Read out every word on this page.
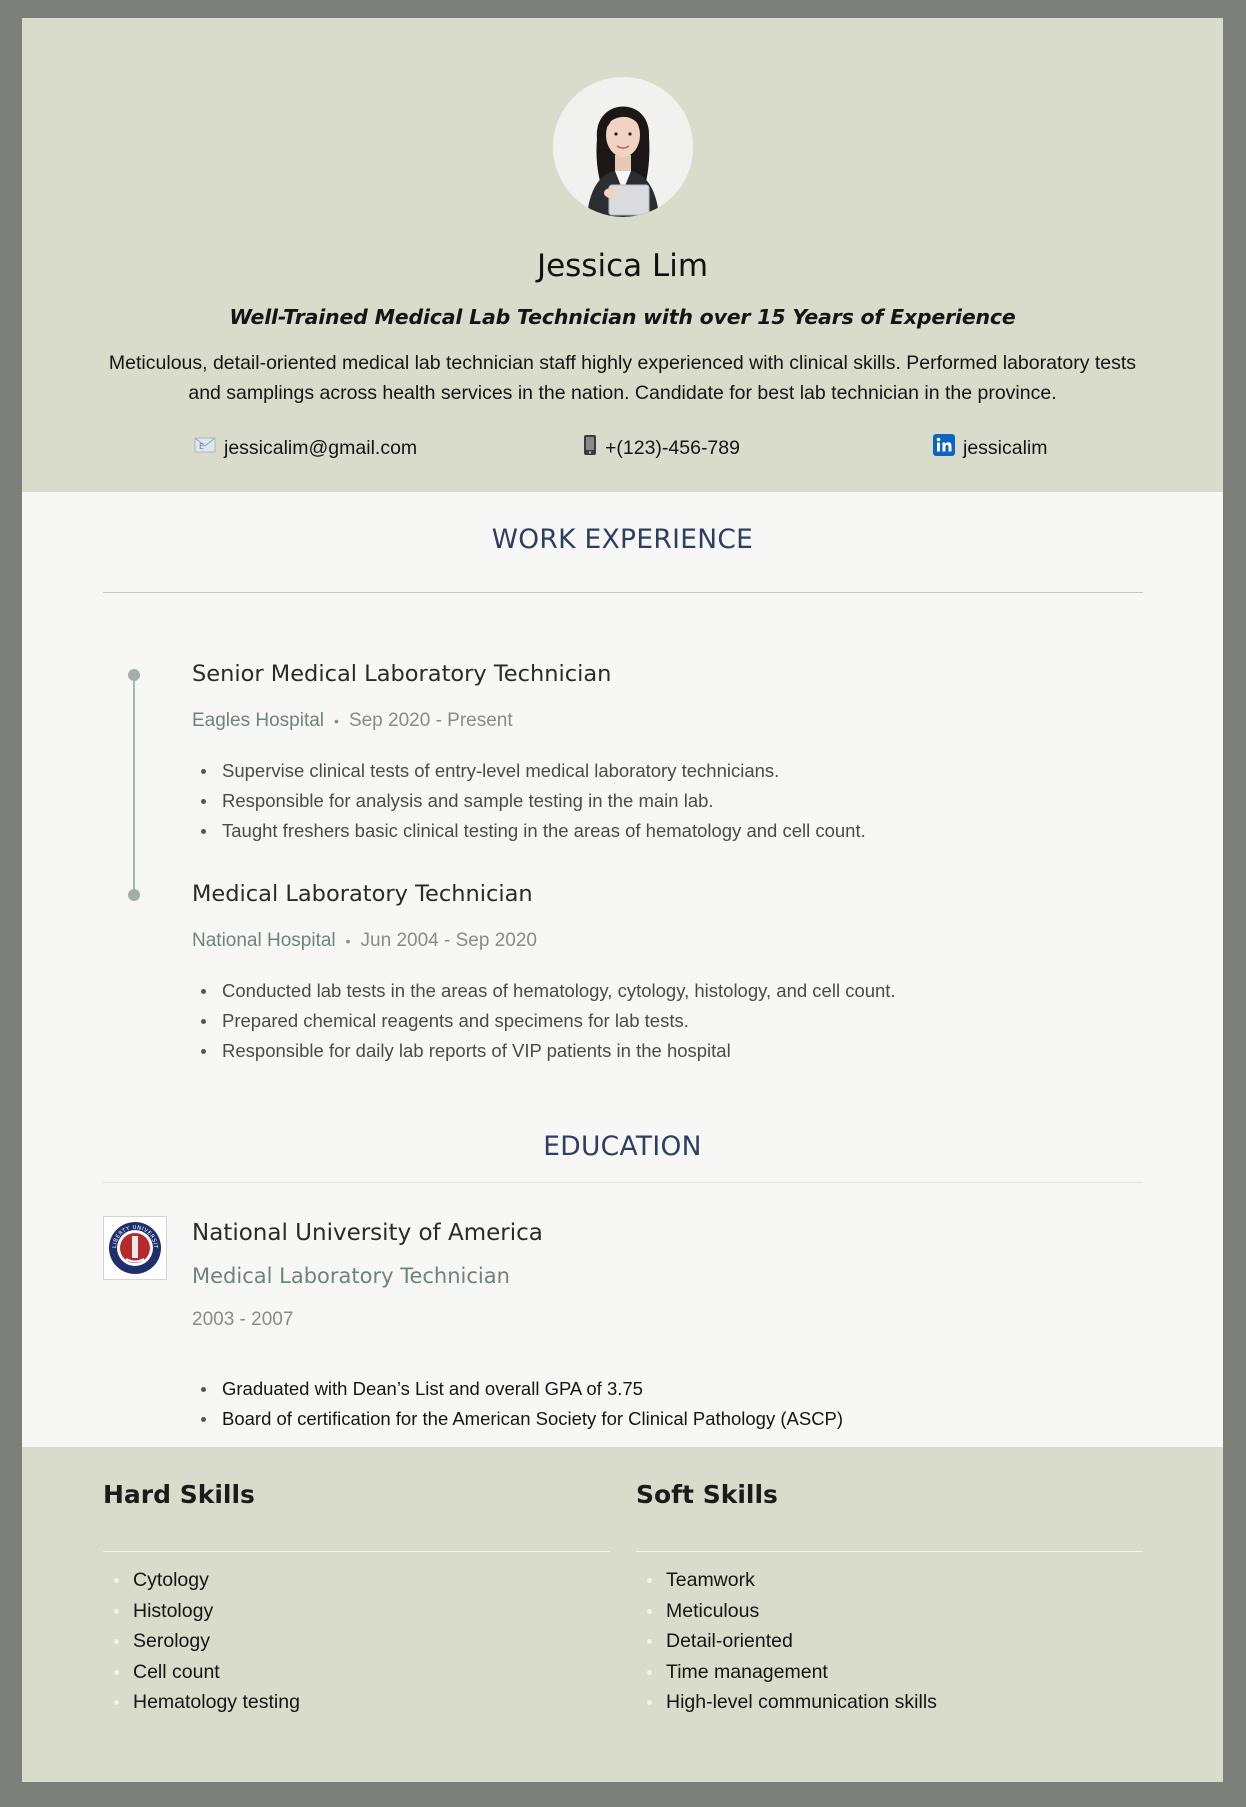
Jessica Lim
Well-Trained Medical Lab Technician with over 15 Years of Experience
Meticulous, detail-oriented medical lab technician staff highly experienced with clinical skills. Performed laboratory tests and samplings across health services in the nation. Candidate for best lab technician in the province.
E jessicalim@gmail.com	+(123)-456-789	jessicalim
WORK EXPERIENCE
Senior Medical Laboratory Technician
Eagles Hospital • Sep 2020 - Present
Supervise clinical tests of entry-level medical laboratory technicians.
Responsible for analysis and sample testing in the main lab.
Taught freshers basic clinical testing in the areas of hematology and cell count.
Medical Laboratory Technician
National Hospital • Jun 2004 - Sep 2020
Conducted lab tests in the areas of hematology, cytology, histology, and cell count.
Prepared chemical reagents and specimens for lab tests.
Responsible for daily lab reports of VIP patients in the hospital
EDUCATION
LIBERTY UNIVERSIT
National University of America
Medical Laboratory Technician
2003 - 2007
Graduated with Dean’s List and overall GPA of 3.75
Board of certification for the American Society for Clinical Pathology (ASCP)
Hard Skills
Cytology
Histology
Serology
Cell count
Hematology testing
Soft Skills
Teamwork
Meticulous
Detail-oriented
Time management
High-level communication skills
